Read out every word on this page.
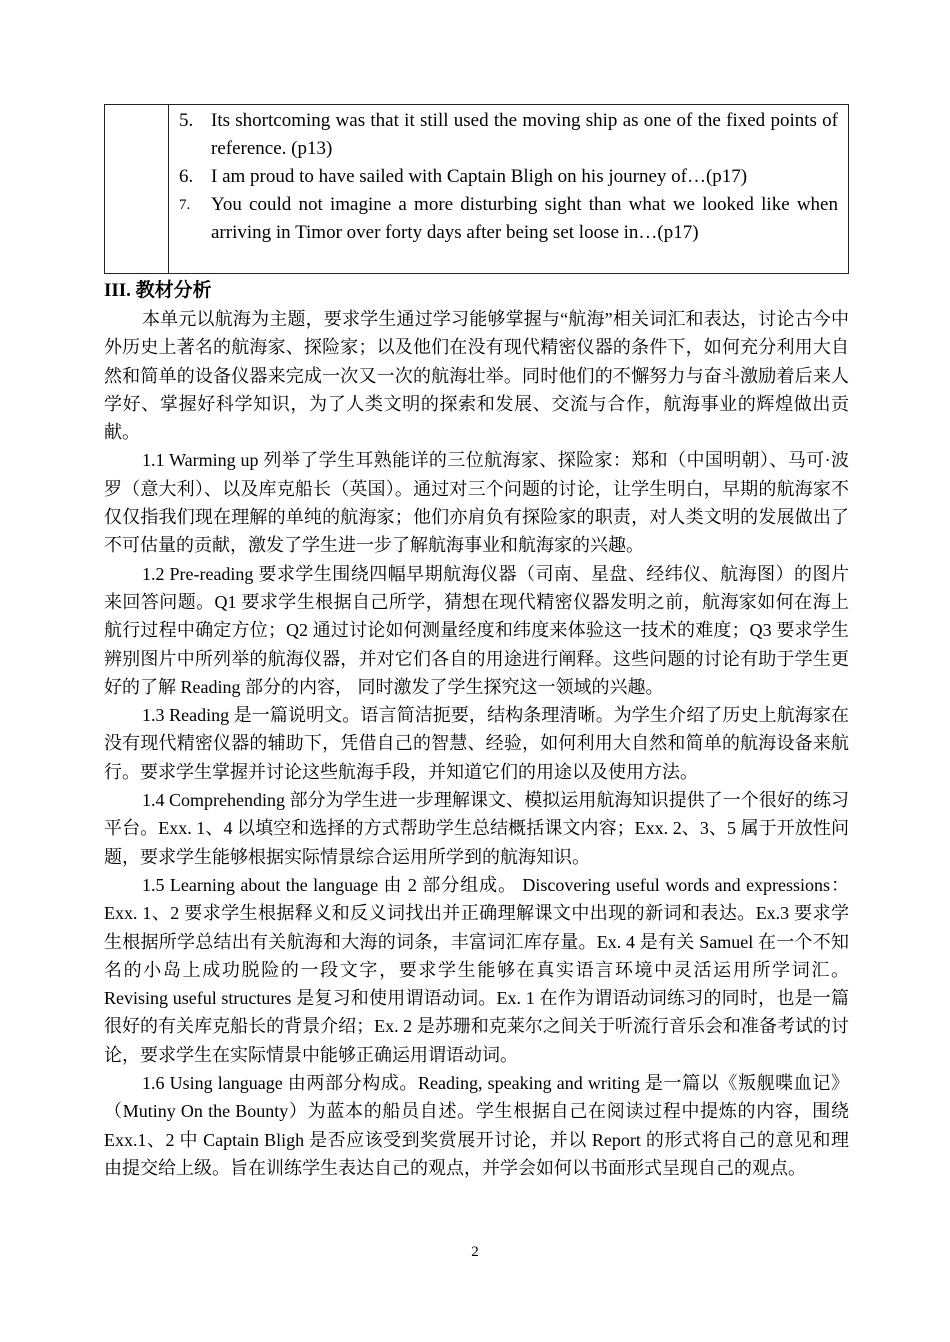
5. Its shortcoming was that it still used the moving ship as one of the fixed points of reference. (p13)
6. I am proud to have sailed with Captain Bligh on his journey of…(p17)
7. You could not imagine a more disturbing sight than what we looked like when arriving in Timor over forty days after being set loose in…(p17)
III. 教材分析

本单元以航海为主题，要求学生通过学习能够掌握与“航海”相关词汇和表达，讨论古今中外历史上著名的航海家、探险家；以及他们在没有现代精密仪器的条件下，如何充分利用大自然和简单的设备仪器来完成一次又一次的航海壮举。同时他们的不懈努力与奋斗激励着后来人学好、掌握好科学知识，为了人类文明的探索和发展、交流与合作，航海事业的辉煌做出贡献。

1.1 Warming up 列举了学生耳熟能详的三位航海家、探险家：郑和（中国明朝）、马可·波罗（意大利）、以及库克船长（英国）。通过对三个问题的讨论，让学生明白，早期的航海家不仅仅指我们现在理解的单纯的航海家；他们亦肩负有探险家的职责，对人类文明的发展做出了不可估量的贡献，激发了学生进一步了解航海事业和航海家的兴趣。

1.2 Pre-reading 要求学生围绕四幅早期航海仪器（司南、星盘、经纬仪、航海图）的图片来回答问题。Q1 要求学生根据自己所学，猜想在现代精密仪器发明之前，航海家如何在海上航行过程中确定方位；Q2 通过讨论如何测量经度和纬度来体验这一技术的难度；Q3 要求学生辨别图片中所列举的航海仪器，并对它们各自的用途进行阐释。这些问题的讨论有助于学生更好的了解 Reading 部分的内容， 同时激发了学生探究这一领域的兴趣。

1.3 Reading 是一篇说明文。语言简洁扼要，结构条理清晰。为学生介绍了历史上航海家在没有现代精密仪器的辅助下，凭借自己的智慧、经验，如何利用大自然和简单的航海设备来航行。要求学生掌握并讨论这些航海手段，并知道它们的用途以及使用方法。

1.4 Comprehending 部分为学生进一步理解课文、模拟运用航海知识提供了一个很好的练习平台。Exx. 1、4 以填空和选择的方式帮助学生总结概括课文内容；Exx. 2、3、5 属于开放性问题，要求学生能够根据实际情景综合运用所学到的航海知识。

1.5 Learning about the language 由 2 部分组成。 Discovering useful words and expressions：Exx. 1、2 要求学生根据释义和反义词找出并正确理解课文中出现的新词和表达。Ex.3 要求学生根据所学总结出有关航海和大海的词条，丰富词汇库存量。Ex. 4 是有关 Samuel 在一个不知名的小岛上成功脱险的一段文字，要求学生能够在真实语言环境中灵活运用所学词汇。Revising useful structures 是复习和使用谓语动词。Ex. 1 在作为谓语动词练习的同时，也是一篇很好的有关库克船长的背景介绍；Ex. 2 是苏珊和克莱尔之间关于听流行音乐会和准备考试的讨论，要求学生在实际情景中能够正确运用谓语动词。

1.6 Using language 由两部分构成。Reading, speaking and writing 是一篇以《叛舰喋血记》（Mutiny On the Bounty）为蓝本的船员自述。学生根据自己在阅读过程中提炼的内容，围绕 Exx.1、2 中 Captain Bligh 是否应该受到奖赏展开讨论，并以 Report 的形式将自己的意见和理由提交给上级。旨在训练学生表达自己的观点，并学会如何以书面形式呈现自己的观点。

2
